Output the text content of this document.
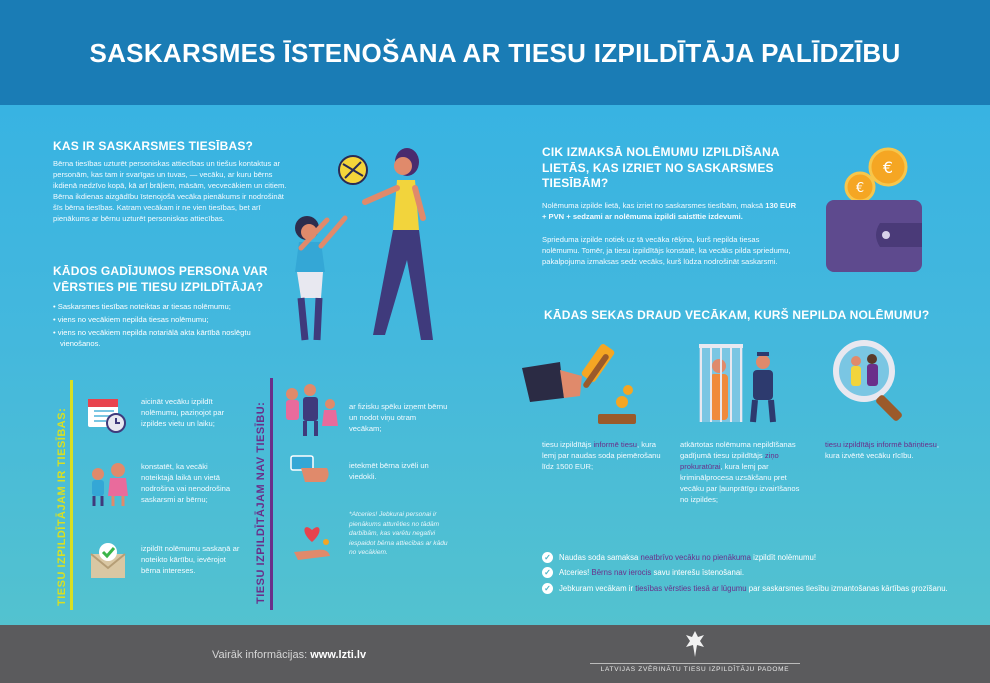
SASKARSMES ĪSTENOŠANA AR TIESU IZPILDĪTĀJA PALĪDZĪBU
KAS IR SASKARSMES TIESĪBAS?

Bērna tiesības uzturēt personiskas attiecības un tiešus kontaktus ar personām, kas tam ir svarīgas un tuvas, — vecāku, ar kuru bērns ikdienā nedzīvo kopā, kā arī brāļiem, māsām, vecvecākiem un citiem. Bērna ikdienas aizgādību īstenojošā vecāka pienākums ir nodrošināt šīs bērna tiesības. Katram vecākam ir ne vien tiesības, bet arī pienākums ar bērnu uzturēt personiskas attiecības.

KĀDOS GADĪJUMOS PERSONA VAR VĒRSTIES PIE TIESU IZPILDĪTĀJA?
• Saskarsmes tiesības noteiktas ar tiesas nolēmumu;
• viens no vecākiem nepilda tiesas nolēmumu;
• viens no vecākiem nepilda notariālā akta kārtībā noslēgtu vienošanos.
CIK IZMAKSĀ NOLĒMUMU IZPILDĪŠANA LIETĀS, KAS IZRIET NO SASKARSMES TIESĪBĀM?

Nolēmuma izpilde lietā, kas izriet no saskarsmes tiesībām, maksā 130 EUR + PVN + sedzami ar nolēmuma izpildi saistītie izdevumi.

Sprieduma izpilde notiek uz tā vecāka rēķina, kurš nepilda tiesas nolēmumu. Tomēr, ja tiesu izpildītājs konstatē, ka vecāks pilda spriedumu, pakalpojuma izmaksas sedz vecāks, kurš lūdza nodrošināt saskarsmi.

€
€
KĀDAS SEKAS DRAUD VECĀKAM, KURŠ NEPILDA NOLĒMUMU?
tiesu izpildītājs informē tiesu, kura lemj par naudas soda piemērošanu līdz 1500 EUR;
atkārtotas nolēmuma nepildīšanas gadījumā tiesu izpildītājs ziņo prokuratūrai, kura lemj par kriminālprocesa uzsākšanu pret vecāku par ļaunprātīgu izvairīšanos no izpildes;
tiesu izpildītājs informē bāriņtiesu, kura izvērtē vecāku rīcību.
✓ Naudas soda samaksa neatbrīvo vecāku no pienākuma izpildīt nolēmumu!
✓ Atceries! Bērns nav ierocis savu interešu īstenošanai.
✓ Jebkuram vecākam ir tiesības vērsties tiesā ar lūgumu par saskarsmes tiesību izmantošanas kārtības grozīšanu.
TIESU IZPILDĪTĀJAM IR TIESĪBAS:
aicināt vecāku izpildīt nolēmumu, paziņojot par izpildes vietu un laiku;
konstatēt, ka vecāki noteiktajā laikā un vietā nodrošina vai nenodrošina saskarsmi ar bērnu;
izpildīt nolēmumu saskaņā ar noteikto kārtību, ievērojot bērna intereses.	TIESU IZPILDĪTĀJAM NAV TIESĪBU:	ar fizisku spēku izņemt bērnu un nodot viņu otram vecākam;
ietekmēt bērna izvēli un viedokli.
*Atceries! Jebkurai personai ir pienākums atturēties no tādām darbībām, kas varētu negatīvi iespaidot bērna attiecības ar kādu no vecākiem.
Vairāk informācijas: www.lzti.lv
LATVIJAS ZVĒRINĀTU TIESU IZPILDĪTĀJU PADOME
